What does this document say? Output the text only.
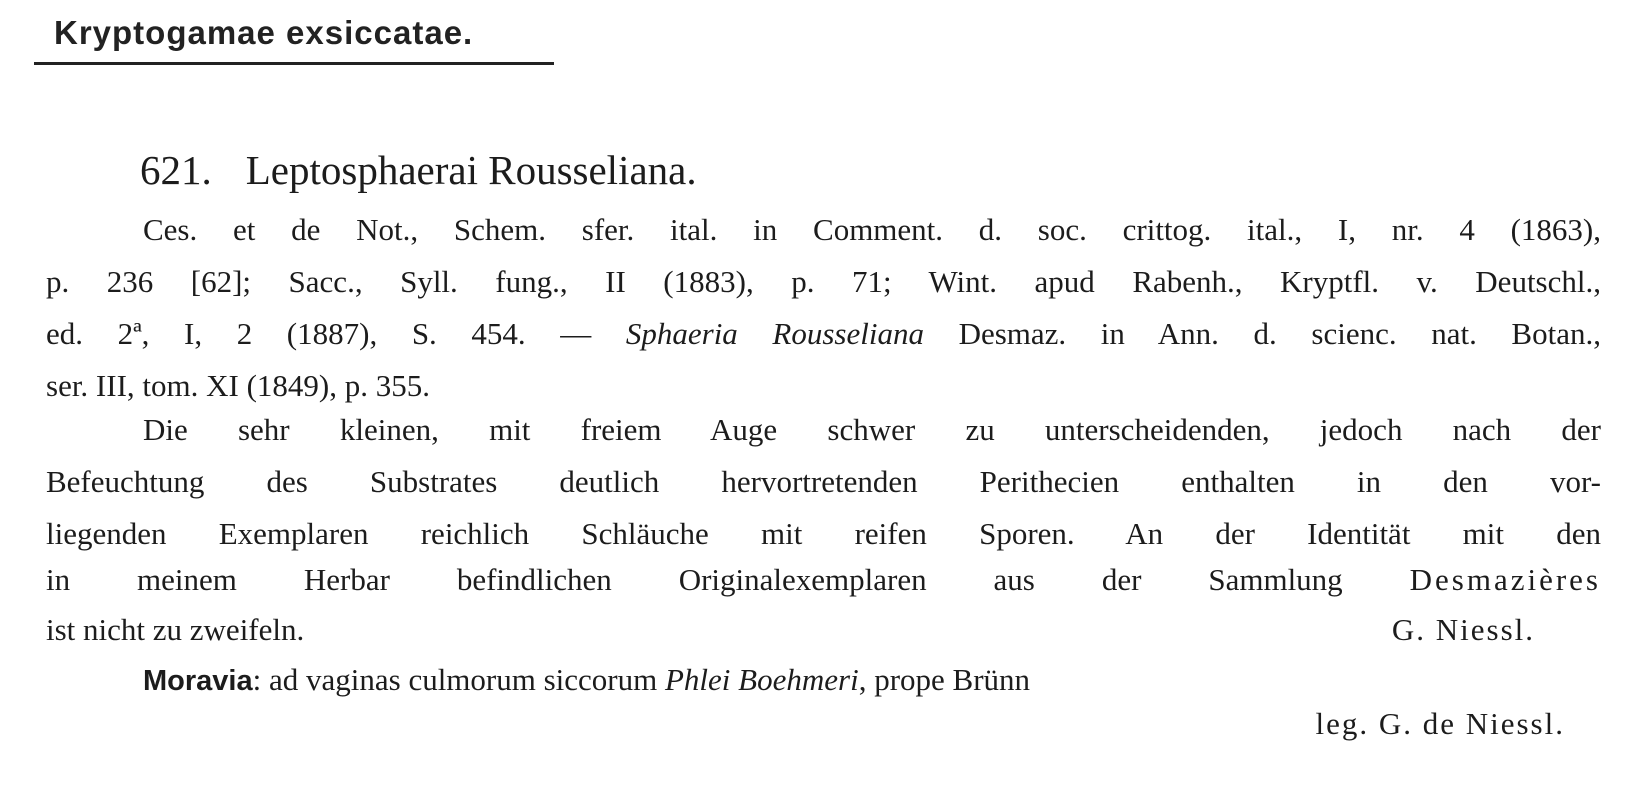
Kryptogamae exsiccatae.
621. Leptosphaerai Rousseliana.
Ces. et de Not., Schem. sfer. ital. in Comment. d. soc. crittog. ital., I, nr. 4 (1863),
p. 236 [62]; Sacc., Syll. fung., II (1883), p. 71; Wint. apud Rabenh., Kryptfl. v. Deutschl.,
ed. 2ª, I, 2 (1887), S. 454. — Sphaeria Rousseliana Desmaz. in Ann. d. scienc. nat. Botan.,
ser. III, tom. XI (1849), p. 355.
Die sehr kleinen, mit freiem Auge schwer zu unterscheidenden, jedoch nach der
Befeuchtung des Substrates deutlich hervortretenden Perithecien enthalten in den vor-
liegenden Exemplaren reichlich Schläuche mit reifen Sporen. An der Identität mit den
in meinem Herbar befindlichen Originalexemplaren aus der Sammlung Desmazières
ist nicht zu zweifeln.	G. Niessl.
Moravia: ad vaginas culmorum siccorum Phlei Boehmeri, prope Brünn
leg. G. de Niessl.
